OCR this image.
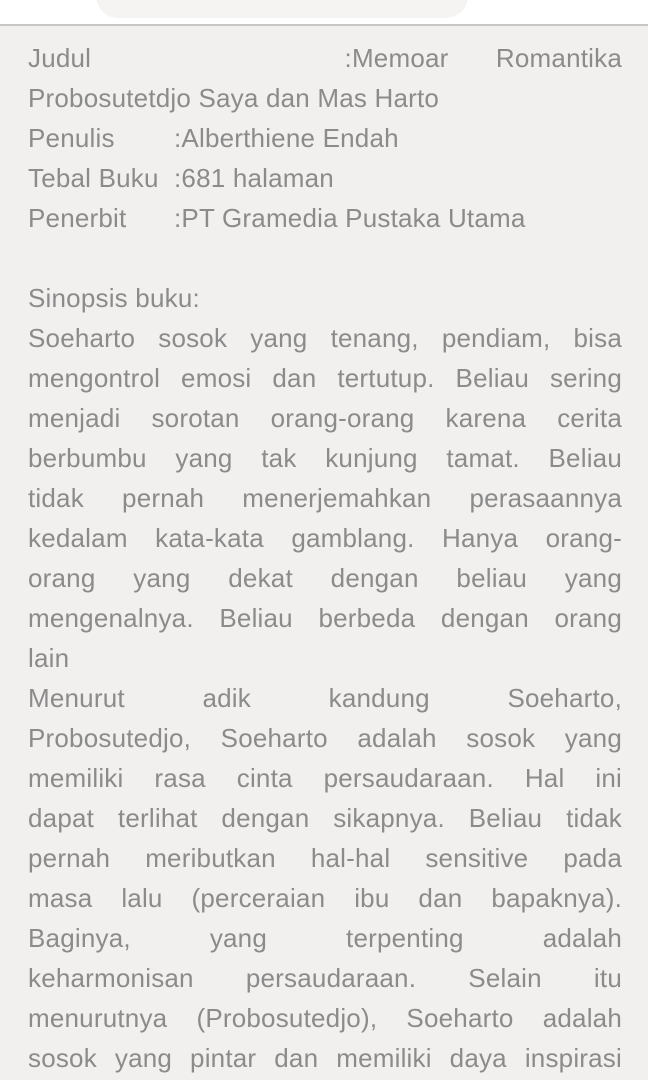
Judul	:Memoar Romantika
Probosutetdjo Saya dan Mas Harto
Penulis	:Alberthiene Endah
Tebal Buku :681 halaman
Penerbit	:PT Gramedia Pustaka Utama
Sinopsis buku:
Soeharto sosok yang tenang, pendiam, bisa
mengontrol emosi dan tertutup. Beliau sering
menjadi sorotan orang-orang karena cerita
berbumbu yang tak kunjung tamat. Beliau
tidak pernah menerjemahkan perasaannya
kedalam kata-kata gamblang. Hanya orang-
orang yang dekat dengan beliau yang
mengenalnya. Beliau berbeda dengan orang
lain
Menurut adik kandung Soeharto,
Probosutedjo, Soeharto adalah sosok yang
memiliki rasa cinta persaudaraan. Hal ini
dapat terlihat dengan sikapnya. Beliau tidak
pernah meributkan hal-hal sensitive pada
masa lalu (perceraian ibu dan bapaknya).
Baginya, yang terpenting adalah
keharmonisan persaudaraan. Selain itu
menurutnya (Probosutedjo), Soeharto adalah
sosok yang pintar dan memiliki daya inspirasi
